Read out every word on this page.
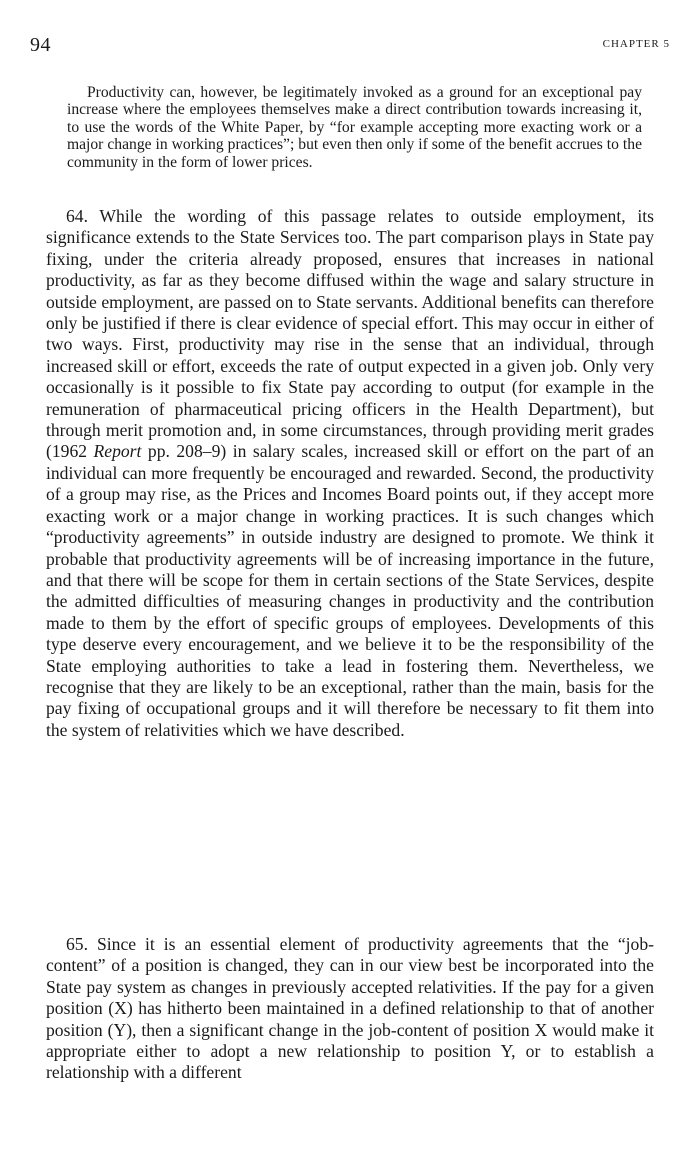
94	CHAPTER 5

Productivity can, however, be legitimately invoked as a ground for an exceptional pay increase where the employees themselves make a direct contribution towards increasing it, to use the words of the White Paper, by “for example accepting more exacting work or a major change in working practices”; but even then only if some of the benefit accrues to the community in the form of lower prices.

64. While the wording of this passage relates to outside employment, its significance extends to the State Services too. The part comparison plays in State pay fixing, under the criteria already proposed, ensures that increases in national productivity, as far as they become diffused within the wage and salary structure in outside employment, are passed on to State servants. Additional benefits can therefore only be justified if there is clear evidence of special effort. This may occur in either of two ways. First, productivity may rise in the sense that an individual, through increased skill or effort, exceeds the rate of output expected in a given job. Only very occasionally is it possible to fix State pay according to output (for example in the remuneration of pharmaceutical pricing officers in the Health Department), but through merit promotion and, in some circumstances, through providing merit grades (1962 Report pp. 208–9) in salary scales, increased skill or effort on the part of an individual can more frequently be encouraged and rewarded. Second, the productivity of a group may rise, as the Prices and Incomes Board points out, if they accept more exacting work or a major change in working practices. It is such changes which “productivity agreements” in outside industry are designed to promote. We think it probable that productivity agreements will be of increasing importance in the future, and that there will be scope for them in certain sections of the State Services, despite the admitted difficulties of measuring changes in productivity and the contribution made to them by the effort of specific groups of employees. Developments of this type deserve every encouragement, and we believe it to be the responsibility of the State employing authorities to take a lead in fostering them. Nevertheless, we recognise that they are likely to be an exceptional, rather than the main, basis for the pay fixing of occupational groups and it will therefore be necessary to fit them into the system of relativities which we have described.

65. Since it is an essential element of productivity agreements that the “job-content” of a position is changed, they can in our view best be incorporated into the State pay system as changes in previously accepted relativities. If the pay for a given position (X) has hitherto been maintained in a defined relationship to that of another position (Y), then a significant change in the job-content of position X would make it appropriate either to adopt a new relationship to position Y, or to establish a relationship with a different
